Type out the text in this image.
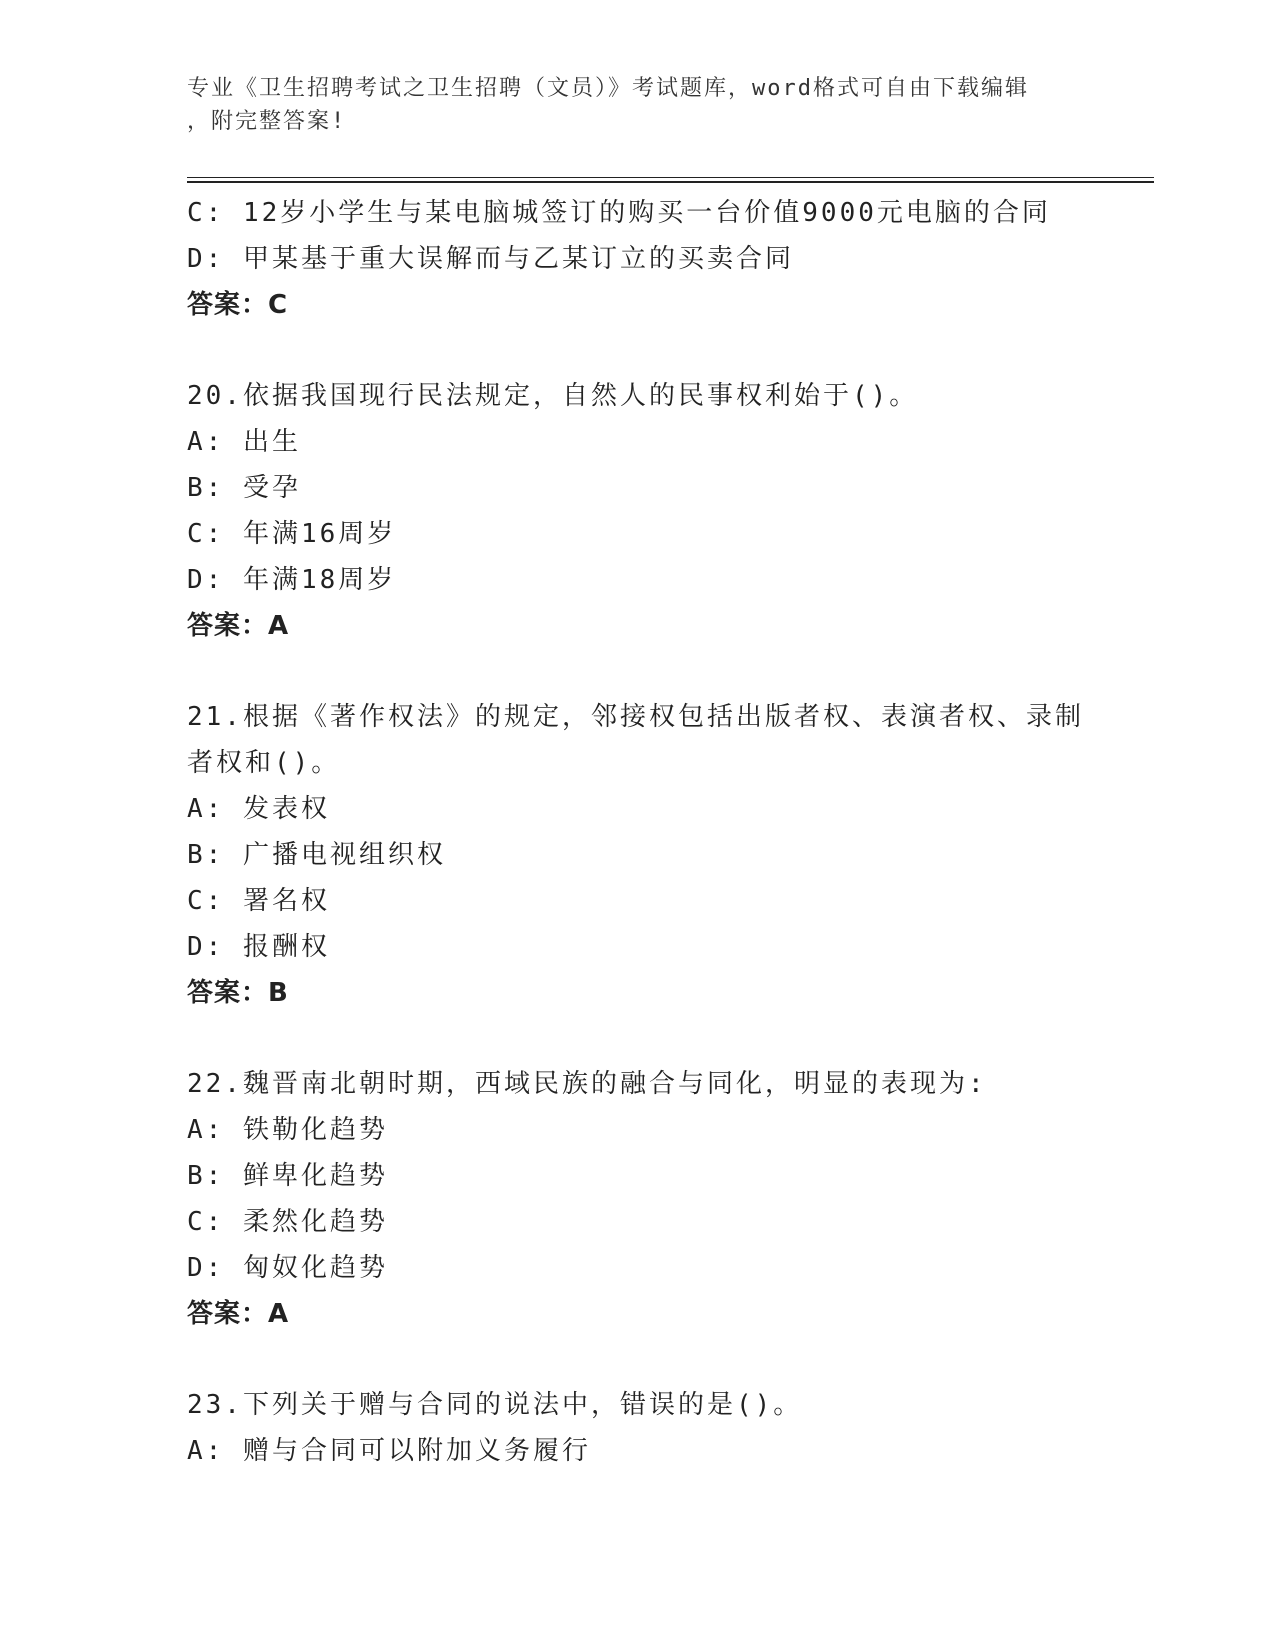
专业《卫生招聘考试之卫生招聘（文员）》考试题库，word格式可自由下载编辑
，附完整答案!
C: 12岁小学生与某电脑城签订的购买一台价值9000元电脑的合同
D: 甲某基于重大误解而与乙某订立的买卖合同
答案：C
20.依据我国现行民法规定，自然人的民事权利始于()。
A: 出生
B: 受孕
C: 年满16周岁
D: 年满18周岁
答案：A
21.根据《著作权法》的规定，邻接权包括出版者权、表演者权、录制
者权和()。
A: 发表权
B: 广播电视组织权
C: 署名权
D: 报酬权
答案：B
22.魏晋南北朝时期，西域民族的融合与同化，明显的表现为:
A: 铁勒化趋势
B: 鲜卑化趋势
C: 柔然化趋势
D: 匈奴化趋势
答案：A
23.下列关于赠与合同的说法中，错误的是()。
A: 赠与合同可以附加义务履行
